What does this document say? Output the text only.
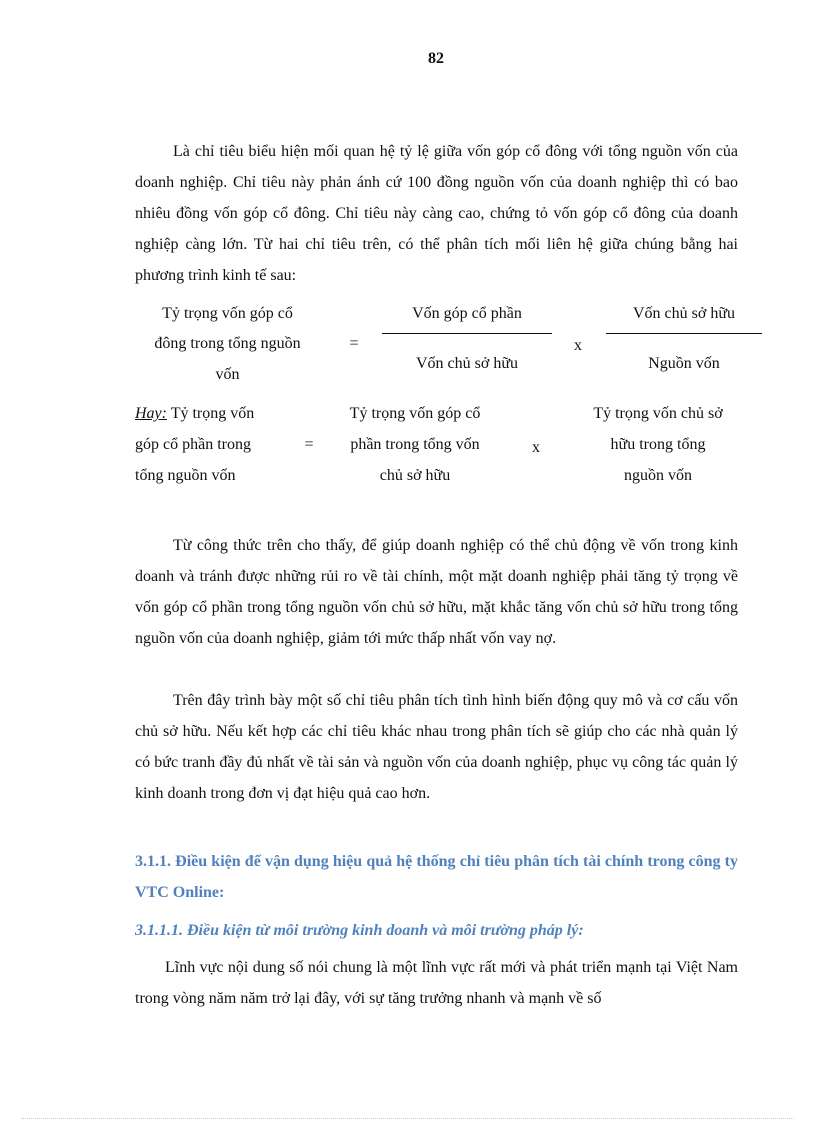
82

Là chỉ tiêu biểu hiện mối quan hệ tỷ lệ giữa vốn góp cổ đông với tổng nguồn vốn của doanh nghiệp. Chỉ tiêu này phản ánh cứ 100 đồng nguồn vốn của doanh nghiệp thì có bao nhiêu đồng vốn góp cổ đông. Chỉ tiêu này càng cao, chứng tỏ vốn góp cổ đông của doanh nghiệp càng lớn. Từ hai chỉ tiêu trên, có thể phân tích mối liên hệ giữa chúng bằng hai phương trình kinh tế sau:

Tỷ trọng vốn góp cổ
đông trong tổng nguồn
vốn
=
Vốn góp cổ phần
Vốn chủ sở hữu
x
Vốn chủ sở hữu
Nguồn vốn
Hay: Tỷ trọng vốn
góp cổ phần trong
tổng nguồn vốn
=
Tỷ trọng vốn góp cổ
phần trong tổng vốn
chủ sở hữu
x
Tỷ trọng vốn chủ sở
hữu trong tổng
nguồn vốn

Từ công thức trên cho thấy, để giúp doanh nghiệp có thể chủ động về vốn trong kinh doanh và tránh được những rủi ro về tài chính, một mặt doanh nghiệp phải tăng tỷ trọng về vốn góp cổ phần trong tổng nguồn vốn chủ sở hữu, mặt khắc tăng vốn chủ sở hữu trong tổng nguồn vốn của doanh nghiệp, giảm tới mức thấp nhất vốn vay nợ.

Trên đây trình bày một số chỉ tiêu phân tích tình hình biến động quy mô và cơ cấu vốn chủ sở hữu. Nếu kết hợp các chỉ tiêu khác nhau trong phân tích sẽ giúp cho các nhà quản lý có bức tranh đầy đủ nhất về tài sản và nguồn vốn của doanh nghiệp, phục vụ công tác quản lý kinh doanh trong đơn vị đạt hiệu quả cao hơn.

3.1.1. Điều kiện để vận dụng hiệu quả hệ thống chỉ tiêu phân tích tài chính trong công ty VTC Online:

3.1.1.1. Điều kiện từ môi trường kinh doanh và môi trường pháp lý:

Lĩnh vực nội dung số nói chung là một lĩnh vực rất mới và phát triển mạnh tại Việt Nam trong vòng năm năm trở lại đây, với sự tăng trưởng nhanh và mạnh về số
